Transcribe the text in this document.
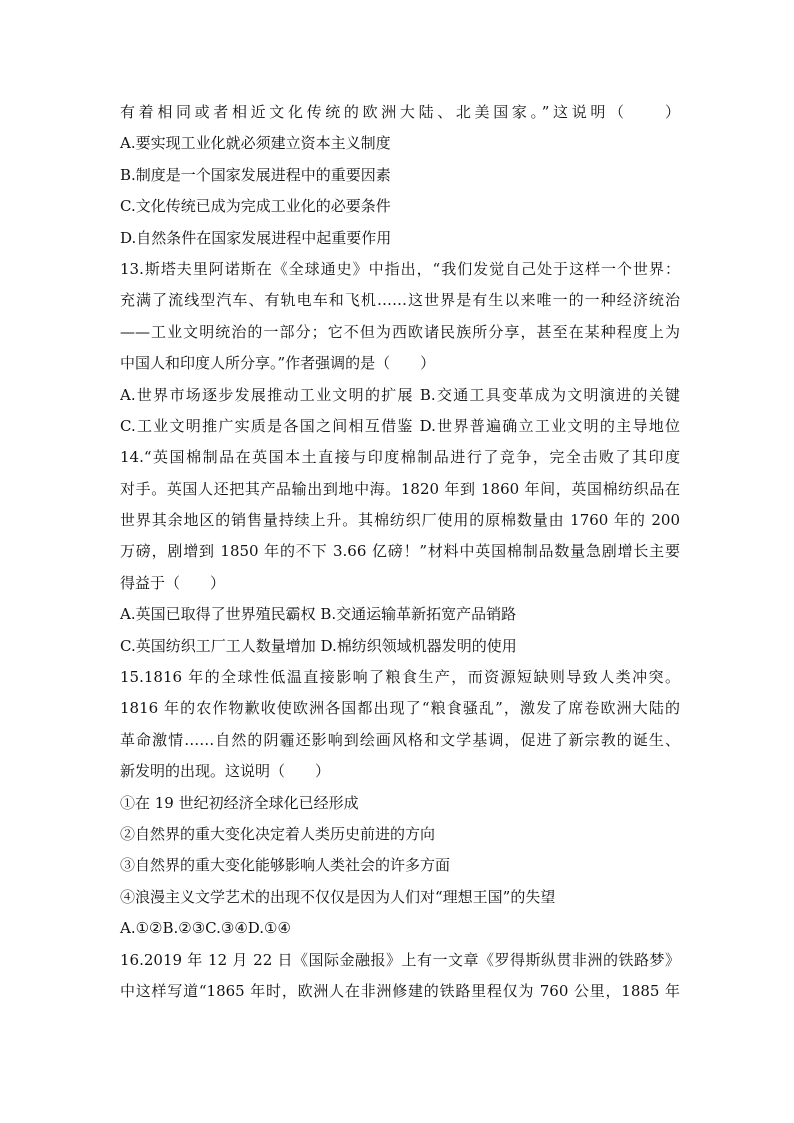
有着相同或者相近文化传统的欧洲大陆、北美国家。”这说明（　　）
A.要实现工业化就必须建立资本主义制度
B.制度是一个国家发展进程中的重要因素
C.文化传统已成为完成工业化的必要条件
D.自然条件在国家发展进程中起重要作用
13.斯塔夫里阿诺斯在《全球通史》中指出，“我们发觉自己处于这样一个世界：
充满了流线型汽车、有轨电车和飞机……这世界是有生以来唯一的一种经济统治
——工业文明统治的一部分；它不但为西欧诸民族所分享，甚至在某种程度上为
中国人和印度人所分享。”作者强调的是（　　）
A.世界市场逐步发展推动工业文明的扩展 B.交通工具变革成为文明演进的关键
C.工业文明推广实质是各国之间相互借鉴 D.世界普遍确立工业文明的主导地位
14.“英国棉制品在英国本土直接与印度棉制品进行了竞争，完全击败了其印度
对手。英国人还把其产品输出到地中海。1820 年到 1860 年间，英国棉纺织品在
世界其余地区的销售量持续上升。其棉纺织厂使用的原棉数量由 1760 年的 200
万磅，剧增到 1850 年的不下 3.66 亿磅！”材料中英国棉制品数量急剧增长主要
得益于（　　）
A.英国已取得了世界殖民霸权 B.交通运输革新拓宽产品销路
C.英国纺织工厂工人数量增加 D.棉纺织领域机器发明的使用
15.1816 年的全球性低温直接影响了粮食生产，而资源短缺则导致人类冲突。
1816 年的农作物歉收使欧洲各国都出现了“粮食骚乱”，激发了席卷欧洲大陆的
革命激情……自然的阴霾还影响到绘画风格和文学基调，促进了新宗教的诞生、
新发明的出现。这说明（　　）
①在 19 世纪初经济全球化已经形成
②自然界的重大变化决定着人类历史前进的方向
③自然界的重大变化能够影响人类社会的许多方面
④浪漫主义文学艺术的出现不仅仅是因为人们对“理想王国”的失望
A.①②B.②③C.③④D.①④
16.2019 年 12 月 22 日《国际金融报》上有一文章《罗得斯纵贯非洲的铁路梦》
中这样写道“1865 年时，欧洲人在非洲修建的铁路里程仅为 760 公里，1885 年
